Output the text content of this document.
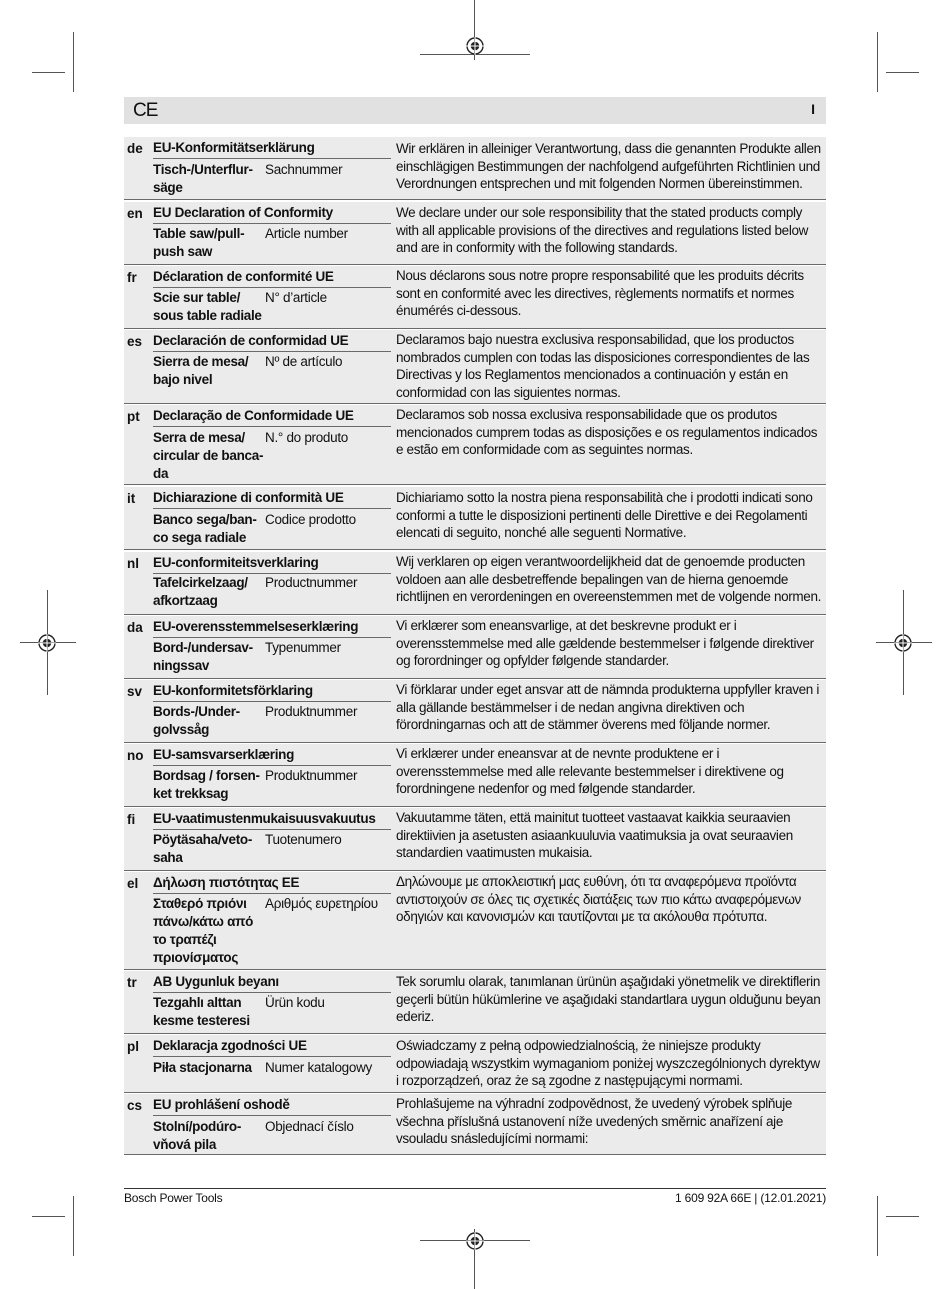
CE	I
de EU-Konformitätserklärung
Tisch-/Unterflur-säge
Sachnummer
Wir erklären in alleiniger Verantwortung, dass die genannten Produkte allen einschlägigen Bestimmungen der nachfolgend aufgeführten Richtlinien und Verordnungen entsprechen und mit folgenden Normen übereinstimmen.
en EU Declaration of Conformity
Table saw/pull-push saw
Article number
We declare under our sole responsibility that the stated products comply with all applicable provisions of the directives and regulations listed below and are in conformity with the following standards.
fr Déclaration de conformité UE
Scie sur table/ sous table radiale
N° d’article
Nous déclarons sous notre propre responsabilité que les produits décrits sont en conformité avec les directives, règlements normatifs et normes énumérés ci-dessous.
es Declaración de conformidad UE
Sierra de mesa/ bajo nivel
Nº de artículo
Declaramos bajo nuestra exclusiva responsabilidad, que los productos nombrados cumplen con todas las disposiciones correspondientes de las Directivas y los Reglamentos mencionados a continuación y están en conformidad con las siguientes normas.
pt Declaração de Conformidade UE
Serra de mesa/ circular de banca-da
N.° do produto
Declaramos sob nossa exclusiva responsabilidade que os produtos mencionados cumprem todas as disposições e os regulamentos indicados e estão em conformidade com as seguintes normas.
it Dichiarazione di conformità UE
Banco sega/ban-co sega radiale
Codice prodotto
Dichiariamo sotto la nostra piena responsabilità che i prodotti indicati sono conformi a tutte le disposizioni pertinenti delle Direttive e dei Regolamenti elencati di seguito, nonché alle seguenti Normative.
nl EU-conformiteitsverklaring
Tafelcirkelzaag/ afkortzaag
Productnummer
Wij verklaren op eigen verantwoordelijkheid dat de genoemde producten voldoen aan alle desbetreffende bepalingen van de hierna genoemde richtlijnen en verordeningen en overeenstemmen met de volgende normen.
da EU-overensstemmelseserklæring
Bord-/undersav-ningssav
Typenummer
Vi erklærer som eneansvarlige, at det beskrevne produkt er i overensstemmelse med alle gældende bestemmelser i følgende direktiver og forordninger og opfylder følgende standarder.
sv EU-konformitetsförklaring
Bords-/Under-golvssåg
Produktnummer
Vi förklarar under eget ansvar att de nämnda produkterna uppfyller kraven i alla gällande bestämmelser i de nedan angivna direktiven och förordningarnas och att de stämmer överens med följande normer.
no EU-samsvarserklæring
Bordsag / forsen-ket trekksag
Produktnummer
Vi erklærer under eneansvar at de nevnte produktene er i overensstemmelse med alle relevante bestemmelser i direktivene og forordningene nedenfor og med følgende standarder.
fi EU-vaatimustenmukaisuusvakuutus
Pöytäsaha/veto-saha
Tuotenumero
Vakuutamme täten, että mainitut tuotteet vastaavat kaikkia seuraavien direktiivien ja asetusten asiaankuuluvia vaatimuksia ja ovat seuraavien standardien vaatimusten mukaisia.
el Δήλωση πιστότητας ΕΕ
Σταθερό πριόνι πάνω/κάτω από το τραπέζι πριονίσματος
Αριθμός ευρετηρίου
Δηλώνουμε με αποκλειστική μας ευθύνη, ότι τα αναφερόμενα προϊόντα αντιστοιχούν σε όλες τις σχετικές διατάξεις των πιο κάτω αναφερόμενων οδηγιών και κανονισμών και ταυτίζονται με τα ακόλουθα πρότυπα.
tr AB Uygunluk beyanı
Tezgahlı alttan kesme testeresi
Ürün kodu
Tek sorumlu olarak, tanımlanan ürünün aşağıdaki yönetmelik ve direktiflerin geçerli bütün hükümlerine ve aşağıdaki standartlara uygun olduğunu beyan ederiz.
pl Deklaracja zgodności UE
Piła stacjonarna Numer katalogowy
Oświadczamy z pełną odpowiedzialnością, że niniejsze produkty odpowiadają wszystkim wymaganiom poniżej wyszczególnionych dyrektyw i rozporządzeń, oraz że są zgodne z następującymi normami.
cs EU prohlášení oshodě
Stolní/podúro-vňová pila
Objednací číslo
Prohlašujeme na výhradní zodpovědnost, že uvedený výrobek splňuje všechna příslušná ustanovení níže uvedených směrnic anařízení aje vsouladu snásledujícími normami:
Bosch Power Tools	1 609 92A 66E | (12.01.2021)
